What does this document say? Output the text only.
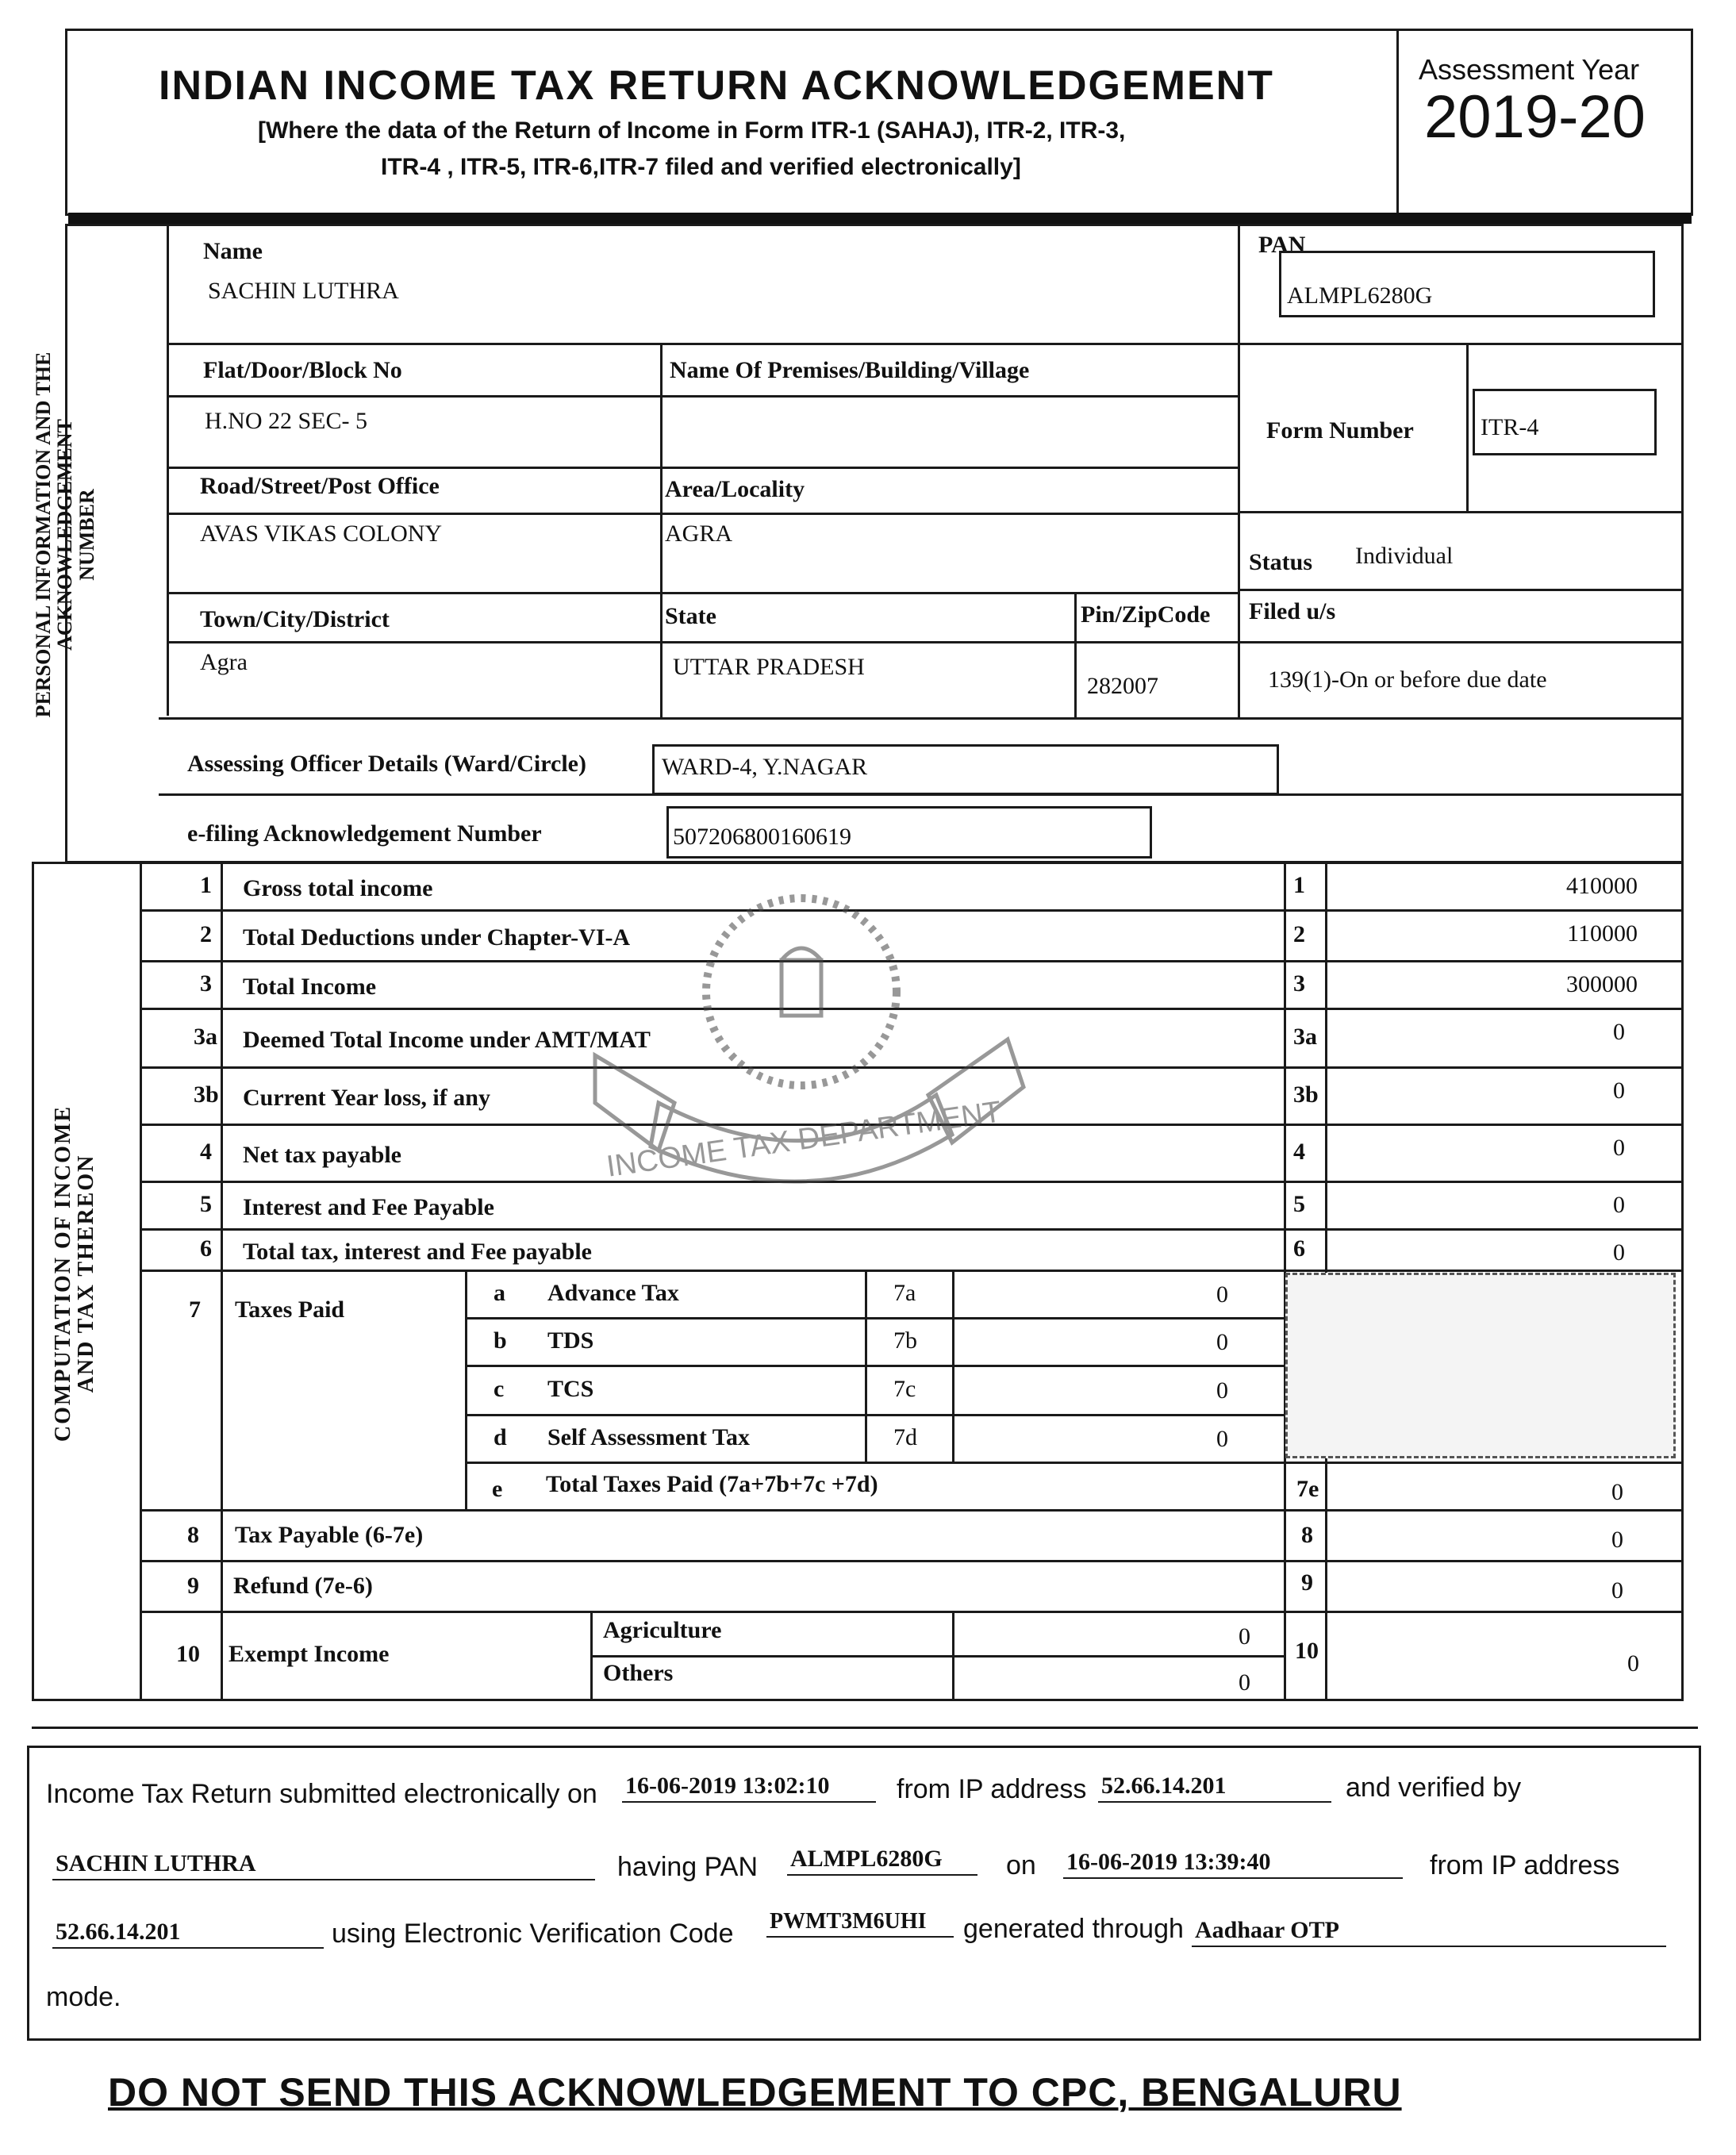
INDIAN INCOME TAX RETURN ACKNOWLEDGEMENT
[Where the data of the Return of Income in Form ITR-1 (SAHAJ), ITR-2, ITR-3,
ITR-4 , ITR-5, ITR-6,ITR-7 filed and verified electronically]
Assessment Year
2019-20
PERSONAL INFORMATION AND THE
ACKNOWLEDGEMENT
NUMBER
Name
SACHIN LUTHRA
PAN
ALMPL6280G
Flat/Door/Block No
H.NO 22 SEC- 5
Name Of Premises/Building/Village
Form Number	ITR-4
Road/Street/Post Office
AVAS VIKAS COLONY
Area/Locality
AGRA
Status Individual
Town/City/District
Agra
State
UTTAR PRADESH
Pin/ZipCode
282007
Filed u/s
139(1)-On or before due date
Assessing Officer Details (Ward/Circle)	WARD-4, Y.NAGAR
e-filing Acknowledgement Number	507206800160619
COMPUTATION OF INCOME
AND TAX THEREON
1 Gross total income	1	410000
2 Total Deductions under Chapter-VI-A	2	110000
3 Total Income	3	300000
3a Deemed Total Income under AMT/MAT	3a	0
3b Current Year loss, if any	3b	0
4 Net tax payable	4	0
5 Interest and Fee Payable	5	0
6 Total tax, interest and Fee payable	6	0
7 Taxes Paid
a Advance Tax	7a	0
b TDS	7b	0
c TCS	7c	0
d Self Assessment Tax	7d	0
e Total Taxes Paid (7a+7b+7c +7d)	7e	0
8 Tax Payable (6-7e)	8	0
9 Refund (7e-6)	9	0
10 Exempt Income
Agriculture	0
Others	0
10	0
INCOME TAX DEPARTMENT
Income Tax Return submitted electronically on 16-06-2019 13:02:10	from IP address 52.66.14.201	and verified by
SACHIN LUTHRA	having PAN ALMPL6280G	on 16-06-2019 13:39:40	from IP address
52.66.14.201	using Electronic Verification Code PWMT3M6UHI	generated through Aadhaar OTP
mode.
DO NOT SEND THIS ACKNOWLEDGEMENT TO CPC, BENGALURU
